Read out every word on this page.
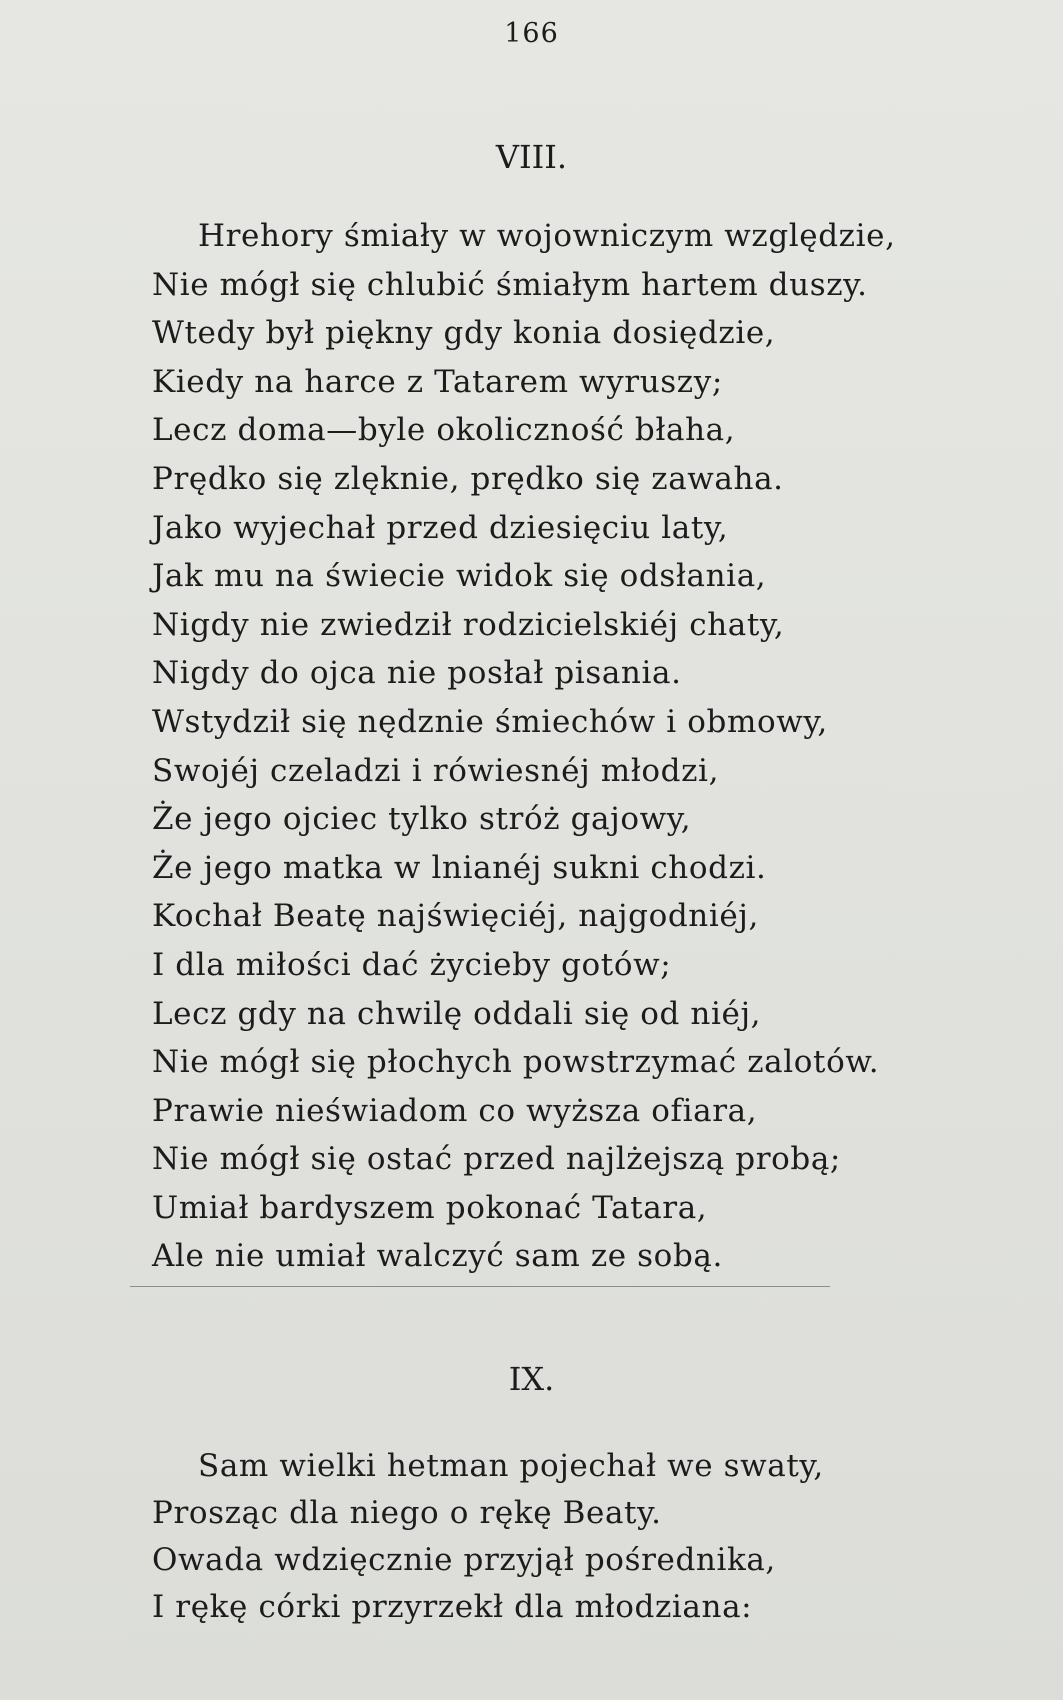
166
VIII.
Hrehory śmiały w wojowniczym względzie,
Nie mógł się chlubić śmiałym hartem duszy.
Wtedy był piękny gdy konia dosiędzie,
Kiedy na harce z Tatarem wyruszy;
Lecz doma—byle okoliczność błaha,
Prędko się zlęknie, prędko się zawaha.
Jako wyjechał przed dziesięciu laty,
Jak mu na świecie widok się odsłania,
Nigdy nie zwiedził rodzicielskiéj chaty,
Nigdy do ojca nie posłał pisania.
Wstydził się nędznie śmiechów i obmowy,
Swojéj czeladzi i rówiesnéj młodzi,
Że jego ojciec tylko stróż gajowy,
Że jego matka w lnianéj sukni chodzi.
Kochał Beatę najświęciéj, najgodniéj,
I dla miłości dać życieby gotów;
Lecz gdy na chwilę oddali się od niéj,
Nie mógł się płochych powstrzymać zalotów.
Prawie nieświadom co wyższa ofiara,
Nie mógł się ostać przed najlżejszą probą;
Umiał bardyszem pokonać Tatara,
Ale nie umiał walczyć sam ze sobą.
IX.
Sam wielki hetman pojechał we swaty,
Prosząc dla niego o rękę Beaty.
Owada wdzięcznie przyjął pośrednika,
I rękę córki przyrzekł dla młodziana:
